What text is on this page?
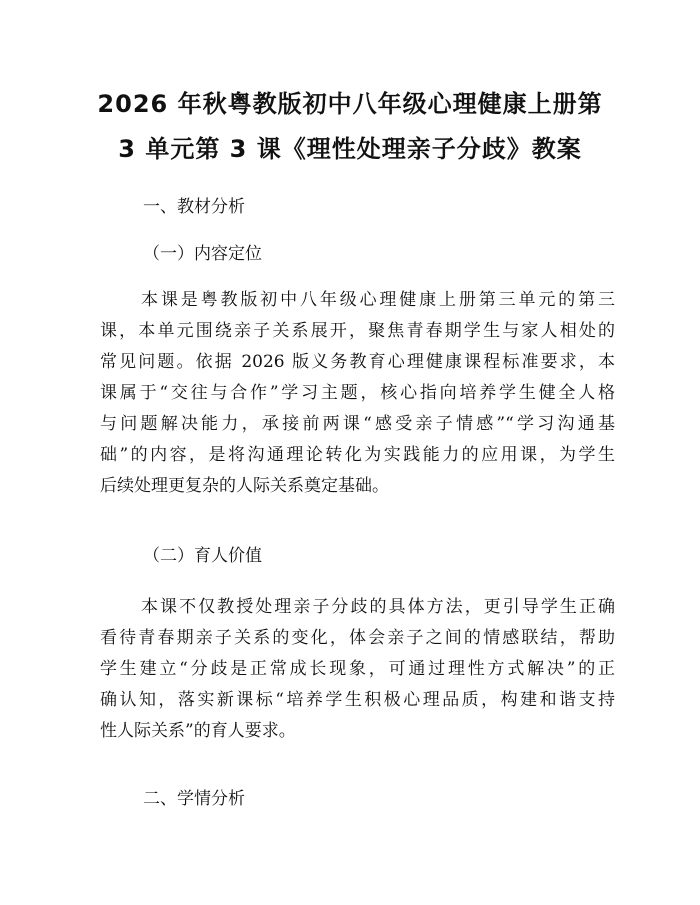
2026 年秋粤教版初中八年级心理健康上册第
3 单元第 3 课《理性处理亲子分歧》教案

一、教材分析

（一）内容定位

本课是粤教版初中八年级心理健康上册第三单元的第三
课，本单元围绕亲子关系展开，聚焦青春期学生与家人相处的
常见问题。依据 2026 版义务教育心理健康课程标准要求，本
课属于“交往与合作”学习主题，核心指向培养学生健全人格
与问题解决能力，承接前两课“感受亲子情感”“学习沟通基
础”的内容，是将沟通理论转化为实践能力的应用课，为学生
后续处理更复杂的人际关系奠定基础。

（二）育人价值

本课不仅教授处理亲子分歧的具体方法，更引导学生正确
看待青春期亲子关系的变化，体会亲子之间的情感联结，帮助
学生建立“分歧是正常成长现象，可通过理性方式解决”的正
确认知，落实新课标“培养学生积极心理品质，构建和谐支持
性人际关系”的育人要求。

二、学情分析
